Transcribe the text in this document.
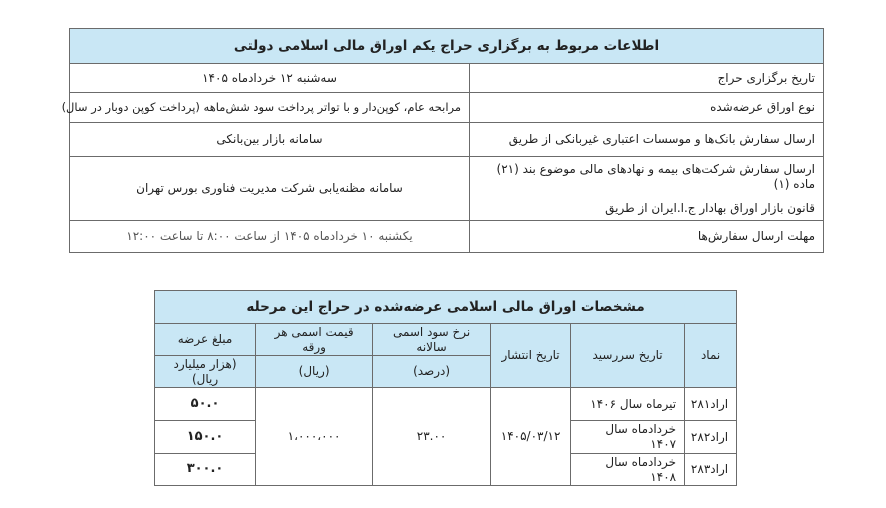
اطلاعات مربوط به برگزاری حراج یکم اوراق مالی اسلامی دولتی	
تاریخ برگزاری حراج	سه‌شنبه ۱۲ خردادماه ۱۴۰۵
نوع اوراق عرضه‌شده	مرابحه عام، کوپن‌دار و با تواتر پرداخت سود شش‌ماهه (پرداخت کوپن دوبار در سال)
ارسال سفارش بانک‌ها و موسسات اعتباری غیربانکی از طریق	سامانه بازار بین‌بانکی

ارسال سفارش شرکت‌های بیمه و نهادهای مالی موضوع بند (۲۱) ماده (۱)
قانون بازار اوراق بهادار ج.ا.ایران از طریق	سامانه مظنه‌یابی شرکت مدیریت فناوری بورس تهران
مهلت ارسال سفارش‌ها	یکشنبه ۱۰ خردادماه ۱۴۰۵ از ساعت ۸:۰۰ تا ساعت ۱۲:۰۰
مشخصات اوراق مالی اسلامی عرضه‌شده در حراج این مرحله					
نماد	تاریخ سررسید	تاریخ انتشار	نرخ سود اسمی سالانه	قیمت اسمی هر ورقه	مبلغ عرضه
			(درصد)	(ریال)	(هزار میلیارد ریال)
اراد۲۸۱	تیرماه سال ۱۴۰۶	۱۴۰۵/۰۳/۱۲	۲۳.۰۰	۱،۰۰۰،۰۰۰	۵۰.۰
اراد۲۸۲	خردادماه سال ۱۴۰۷				۱۵۰.۰
اراد۲۸۳	خردادماه سال ۱۴۰۸				۳۰۰.۰
